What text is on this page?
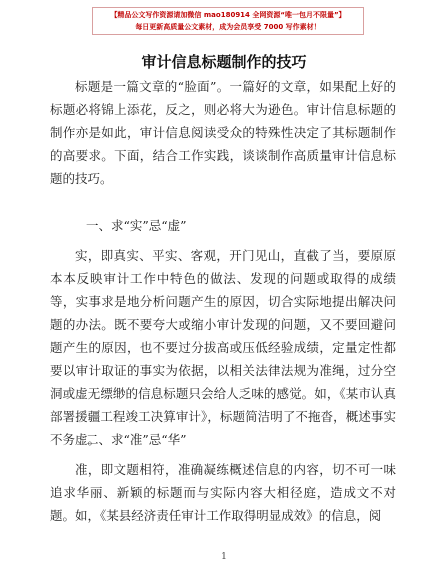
【精品公文写作资源请加微信 mao180914 全网资源“唯一包月不限量”】
每日更新高质量公文素材，成为会员享受 7000 写作素材！
审计信息标题制作的技巧
标题是一篇文章的“脸面”。一篇好的文章，如果配上好的标题必将锦上添花，反之，则必将大为逊色。审计信息标题的制作亦是如此，审计信息阅读受众的特殊性决定了其标题制作的高要求。下面，结合工作实践，谈谈制作高质量审计信息标题的技巧。
一、求“实”忌“虚”
实，即真实、平实、客观，开门见山，直截了当，要原原本本反映审计工作中特色的做法、发现的问题或取得的成绩等，实事求是地分析问题产生的原因，切合实际地提出解决问题的办法。既不要夸大或缩小审计发现的问题，又不要回避问题产生的原因，也不要过分拔高或压低经验成绩，定量定性都要以审计取证的事实为依据，以相关法律法规为准绳，过分空洞或虚无缥缈的信息标题只会给人乏味的感觉。如，《某市认真部署援疆工程竣工决算审计》，标题简洁明了不拖沓，概述事实不务虚。
二、求“准”忌“华”
准，即文题相符，准确凝练概述信息的内容，切不可一味追求华丽、新颖的标题而与实际内容大相径庭，造成文不对题。如，《某县经济责任审计工作取得明显成效》的信息，阅
1
